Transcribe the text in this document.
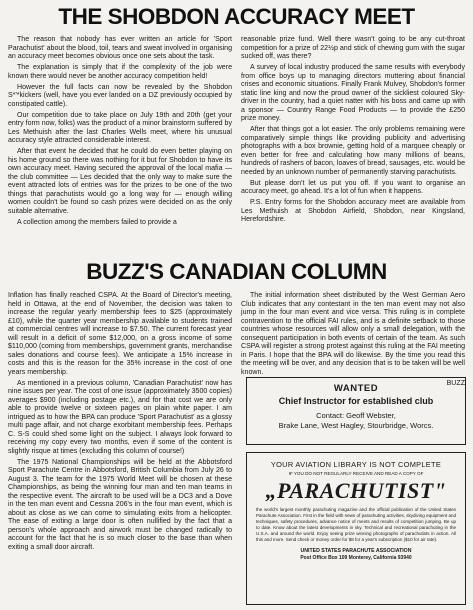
THE SHOBDON ACCURACY MEET

The reason that nobody has ever written an article for 'Sport Parachutist' about the blood, toil, tears and sweat involved in organising an accuracy meet becomes obvious once one sets about the task.

The explanation is simply that if the complexity of the job were known there would never be another accuracy competition held!

However the full facts can now be revealed by the Shobdon S*'*kickers (well, have you ever landed on a DZ previously occupied by constipated cattle).

Our competition due to take place on July 19th and 20th (get your entry form now, folks) was the product of a minor brainstorm suffered by Les Methuish after the last Charles Wells meet, where his unusual accuracy style attracted considerable interest.

After that event he decided that he could do even better playing on his home ground so there was nothing for it but for Shobdon to have its own accuracy meet. Having secured the approval of the local mafia — the club committee — Les decided that the only way to make sure the event attracted lots of entries was for the prizes to be one of the two things that parachutists would go a long way for — enough willing women couldn't be found so cash prizes were decided on as the only suitable alternative.

A collection among the members failed to provide a

reasonable prize fund. Well there wasn't going to be any cut-throat competition for a prize of 22½p and stick of chewing gum with the sugar sucked off, was there?

A survey of local industry produced the same results with everybody from office boys up to managing directors muttering about financial crises and economic situations. Finally Frank Mulvey, Shobdon's former static line king and now the proud owner of the sickliest coloured Sky-driver in the country, had a quiet natter with his boss and came up with a sponsor — Country Range Food Products — to provide the £250 prize money.

After that things got a lot easier. The only problems remaining were comparatively simple things like providing publicity and advertising photographs with a box brownie, getting hold of a marquee cheaply or even better for free and calculating how many millions of beans, hundreds of rashers of bacon, loaves of bread, sausages, etc. would be needed by an unknown number of permanently starving parachutists.

But please don't let us put you off. If you want to organise an accuracy meet, go ahead. It's a lot of fun when it happens.

P.S. Entry forms for the Shobdon accuracy meet are available from Les Methuish at Shobdon Airfield, Shobdon, near Kingsland, Herefordshire.

BUZZ'S CANADIAN COLUMN

Inflation has finally reached CSPA. At the Board of Director's meeting, held in Ottawa, at the end of November, the decision was taken to increase the regular yearly membership fees to $25 (approximately £10), while the quarter year membership available to students trained at commercial centres will increase to $7.50. The current forecast year will result in a deficit of some $12,000, on a gross income of some $110,000 (coming from memberships, government grants, merchandise sales donations and course fees). We anticipate a 15% increase in costs and this is the reason for the 35% increase in the cost of one years membership.

As mentioned in a previous column, 'Canadian Parachutist' now has nine issues per year. The cost of one issue (approximately 3500 copies) averages $900 (including postage etc.), and for that cost we are only able to provide twelve or sixteen pages on plain white paper. I am intrigued as to how the BPA can produce 'Sport Parachutist' as a glossy multi page affair, and not charge exorbitant membership fees. Perhaps C. S-S could shed some light on the subject. I always look forward to receiving my copy every two months, even if some of the content is slightly risque at times (excluding this column of course!)

The 1975 National Championships will be held at the Abbotsford Sport Parachute Centre in Abbotsford, British Columbia from July 26 to August 3. The team for the 1975 World Meet will be chosen at these Championships, as being the winning four man and ten man teams in the respective event. The aircraft to be used will be a DC3 and a Dove in the ten man event and Cessna 206's in the four man event, which is about as close as we can come to simulating exits from a helicopter. The ease of exiting a large door is often nullified by the fact that a person's whole approach and airwork must be changed radically to account for the fact that he is so much closer to the base than when exiting a small door aircraft.

The initial information sheet distributed by the West German Aero Club indicates that any contestant in the ten man event may not also jump in the four man event and vice versa. This ruling is in complete contravention to the official FAI rules, and is a definite setback to those countries whose resources will allow only a small delegation, with the consequent participation in both events of certain of the team. As such CSPA will register a strong protest against this ruling at the FAI meeting in Paris. I hope that the BPA will do likewise. By the time you read this the meeting will be over, and any decision that is to be taken will be well known.

BUZZ

WANTED
Chief Instructor for established club
Contact: Geoff Webster,
Brake Lane, West Hagley, Stourbridge, Worcs.
YOUR AVIATION LIBRARY IS NOT COMPLETE
IF YOU DO NOT REGULARLY RECEIVE AND READ A COPY OF
„PARACHUTIST"
the world's largest monthly parachuting magazine and the official publication of the United States Parachute Association. First in the field with news of parachuting activities, skydiving equipment and techniques, safety procedures, advance notice of meets and results of competition jumping. Be up to date. Know about the latest developments in sky. Technical and recreational parachuting in the U.S.A. and around the world. Enjoy seeing prize winning photographs of parachutists in action. All this and more. Send check or money order for $8 for a year's subscription ($10 for air rate).
UNITED STATES PARACHUTE ASSOCIATION
Post Office Box 109 Monterey, California 93940
